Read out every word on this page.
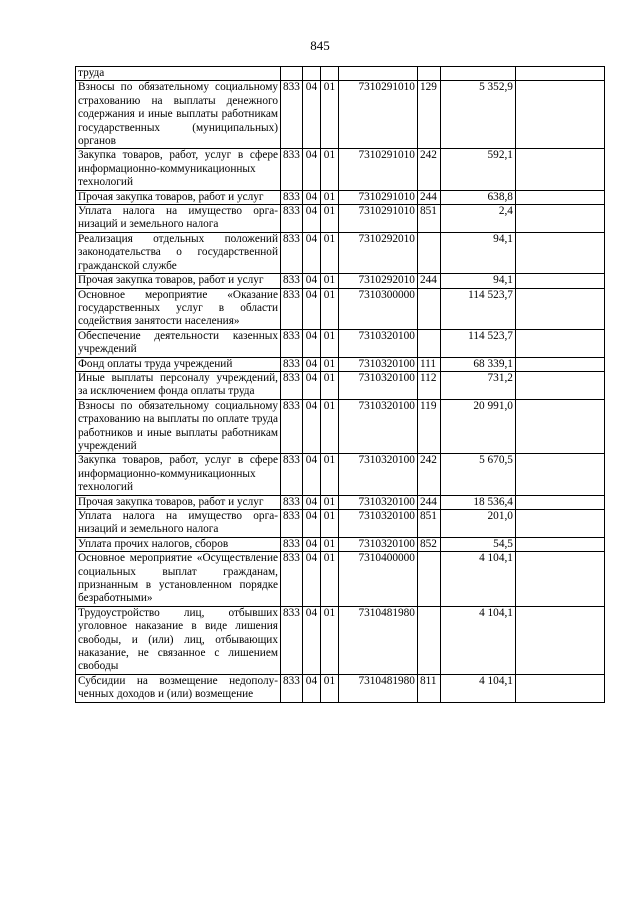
845
труда							
Взносы по обязательному социальному страхованию на выплаты денежного содержания и иные выплаты работникам государственных (муниципальных) органов	833	04	01	7310291010	129	5 352,9	
Закупка товаров, работ, услуг в сфере информационно-коммуникационных технологий	833	04	01	7310291010	242	592,1	
Прочая закупка товаров, работ и услуг	833	04	01	7310291010	244	638,8	
Уплата налога на имущество организаций и земельного налога	833	04	01	7310291010	851	2,4	
Реализация отдельных положений законодательства о государственной гражданской службе	833	04	01	7310292010		94,1	
Прочая закупка товаров, работ и услуг	833	04	01	7310292010	244	94,1	
Основное мероприятие «Оказание государственных услуг в области содействия занятости населения»	833	04	01	7310300000		114 523,7	
Обеспечение деятельности казенных учреждений	833	04	01	7310320100		114 523,7	
Фонд оплаты труда учреждений	833	04	01	7310320100	111	68 339,1	
Иные выплаты персоналу учреждений, за исключением фонда оплаты труда	833	04	01	7310320100	112	731,2	
Взносы по обязательному социальному страхованию на выплаты по оплате труда работников и иные выплаты работникам учреждений	833	04	01	7310320100	119	20 991,0	
Закупка товаров, работ, услуг в сфере информационно-коммуникационных технологий	833	04	01	7310320100	242	5 670,5	
Прочая закупка товаров, работ и услуг	833	04	01	7310320100	244	18 536,4	
Уплата налога на имущество организаций и земельного налога	833	04	01	7310320100	851	201,0	
Уплата прочих налогов, сборов	833	04	01	7310320100	852	54,5	
Основное мероприятие «Осуществление социальных выплат гражданам, признанным в установленном порядке безработными»	833	04	01	7310400000		4 104,1	
Трудоустройство лиц, отбывших уголовное наказание в виде лишения свободы, и (или) лиц, отбывающих наказание, не связанное с лишением свободы	833	04	01	7310481980		4 104,1	
Субсидии на возмещение недополученных доходов и (или) возмещение	833	04	01	7310481980	811	4 104,1	
